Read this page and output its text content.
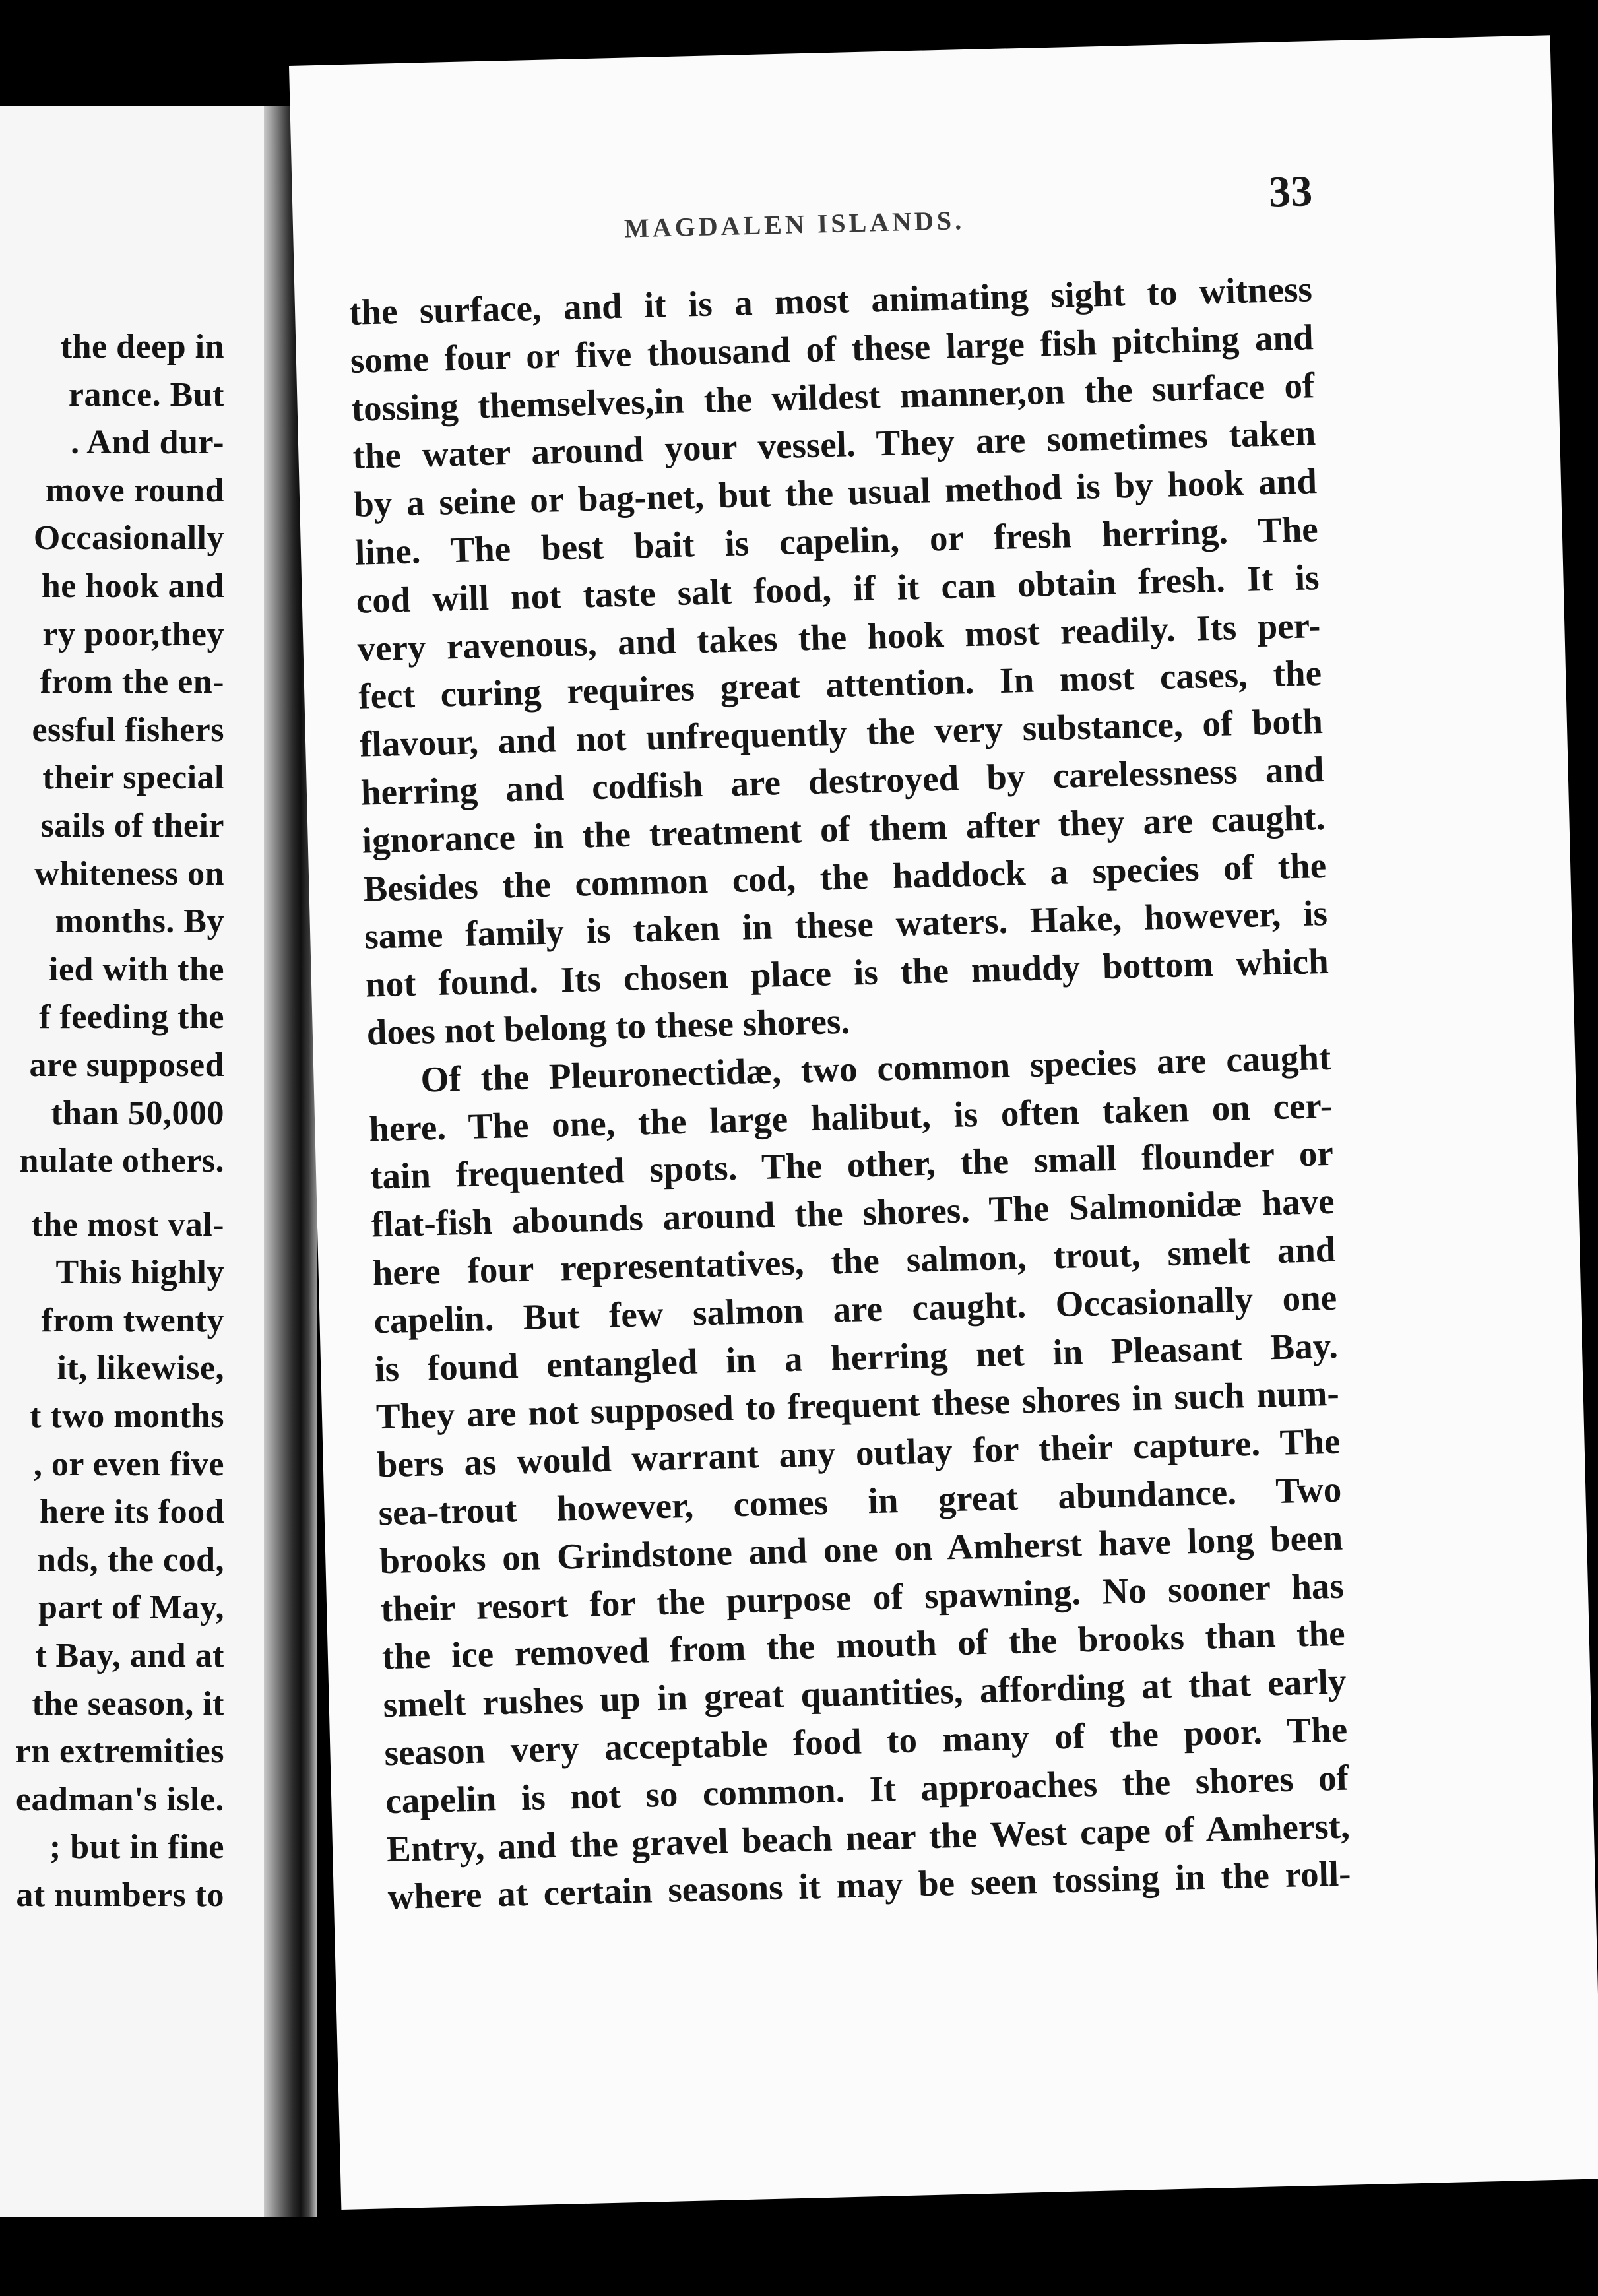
the deep in
rance. But
. And dur-
move round
Occasionally
he hook and
ry poor,they
from the en-
essful fishers
their special
sails of their
whiteness on
months. By
ied with the
f feeding the
are supposed
than 50,000
nulate others.

the most val-
This highly
from twenty
it, likewise,
t two months
, or even five
here its food
nds, the cod,
part of May,
t Bay, and at
the season, it
rn extremities
eadman's isle.
; but in fine
at numbers to
MAGDALEN ISLANDS.
33
the surface, and it is a most animating sight to witness
some four or five thousand of these large fish pitching and
tossing themselves,in the wildest manner,on the surface of
the water around your vessel. They are sometimes taken
by a seine or bag-net, but the usual method is by hook and
line. The best bait is capelin, or fresh herring. The
cod will not taste salt food, if it can obtain fresh. It is
very ravenous, and takes the hook most readily. Its per-
fect curing requires great attention. In most cases, the
flavour, and not unfrequently the very substance, of both
herring and codfish are destroyed by carelessness and
ignorance in the treatment of them after they are caught.
Besides the common cod, the haddock a species of the
same family is taken in these waters. Hake, however, is
not found. Its chosen place is the muddy bottom which
does not belong to these shores.
Of the Pleuronectidæ, two common species are caught
here. The one, the large halibut, is often taken on cer-
tain frequented spots. The other, the small flounder or
flat-fish abounds around the shores. The Salmonidæ have
here four representatives, the salmon, trout, smelt and
capelin. But few salmon are caught. Occasionally one
is found entangled in a herring net in Pleasant Bay.
They are not supposed to frequent these shores in such num-
bers as would warrant any outlay for their capture. The
sea-trout however, comes in great abundance. Two
brooks on Grindstone and one on Amherst have long been
their resort for the purpose of spawning. No sooner has
the ice removed from the mouth of the brooks than the
smelt rushes up in great quantities, affording at that early
season very acceptable food to many of the poor. The
capelin is not so common. It approaches the shores of
Entry, and the gravel beach near the West cape of Amherst,
where at certain seasons it may be seen tossing in the roll-
